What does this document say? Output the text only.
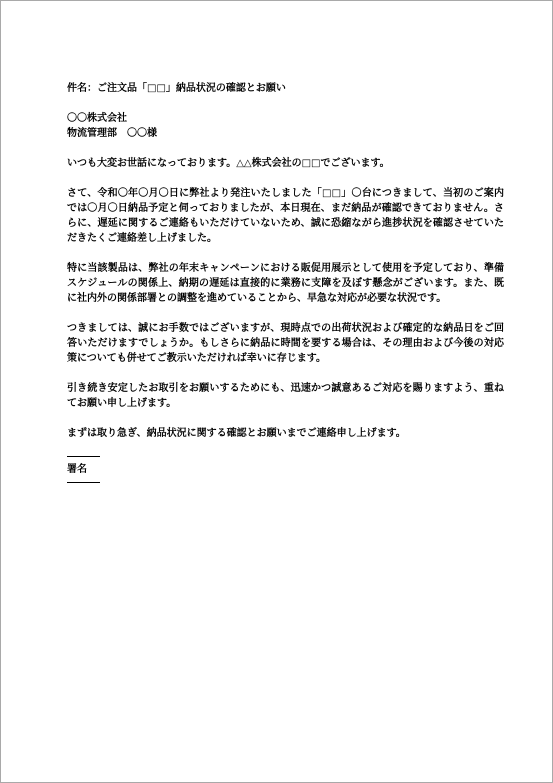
件名：ご注文品「□□」納品状況の確認とお願い
〇〇株式会社
物流管理部　〇〇様
いつも大変お世話になっております。△△株式会社の□□でございます。
さて、令和〇年〇月〇日に弊社より発注いたしました「□□」〇台につきまして、当初のご案内では〇月〇日納品予定と伺っておりましたが、本日現在、まだ納品が確認できておりません。さらに、遅延に関するご連絡もいただけていないため、誠に恐縮ながら進捗状況を確認させていただきたくご連絡差し上げました。
特に当該製品は、弊社の年末キャンペーンにおける販促用展示として使用を予定しており、準備スケジュールの関係上、納期の遅延は直接的に業務に支障を及ぼす懸念がございます。また、既に社内外の関係部署との調整を進めていることから、早急な対応が必要な状況です。
つきましては、誠にお手数ではございますが、現時点での出荷状況および確定的な納品日をご回答いただけますでしょうか。もしさらに納品に時間を要する場合は、その理由および今後の対応策についても併せてご教示いただければ幸いに存じます。
引き続き安定したお取引をお願いするためにも、迅速かつ誠意あるご対応を賜りますよう、重ねてお願い申し上げます。
まずは取り急ぎ、納品状況に関する確認とお願いまでご連絡申し上げます。
署名
